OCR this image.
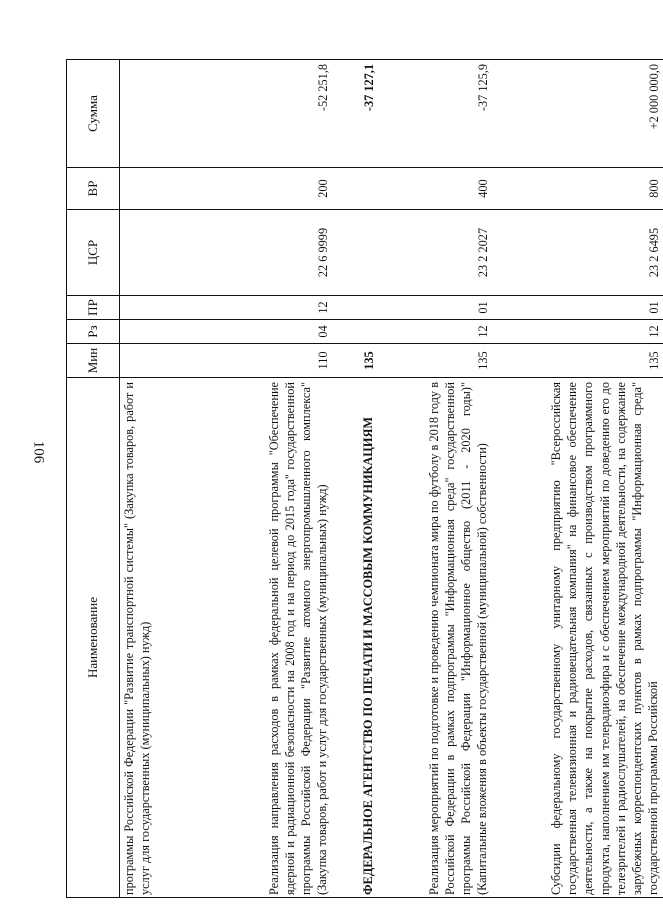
106
Наименование	Мин	Рз	ПР	ЦСР	ВР	Сумма
программы Российской Федерации "Развитие транспортной системы" (Закупка товаров, работ и услуг для государственных (муниципальных) нужд)						
Реализация направления расходов в рамках федеральной целевой программы "Обеспечение ядерной и радиационной безопасности на 2008 год и на период до 2015 года" государственной программы Российской Федерации "Развитие атомного энергопромышленного комплекса" (Закупка товаров, работ и услуг для государственных (муниципальных) нужд)	110	04	12	22 6 9999	200	-52 251,8
ФЕДЕРАЛЬНОЕ АГЕНТСТВО ПО ПЕЧАТИ И МАССОВЫМ КОММУНИКАЦИЯМ	135					-37 127,1
Реализация мероприятий по подготовке и проведению чемпионата мира по футболу в 2018 году в Российской Федерации в рамках подпрограммы "Информационная среда" государственной программы Российской Федерации "Информационное общество (2011 - 2020 годы)" (Капитальные вложения в объекты государственной (муниципальной) собственности)	135	12	01	23 2 2027	400	-37 125,9
Субсидии федеральному государственному унитарному предприятию "Всероссийская государственная телевизионная и радиовещательная компания" на финансовое обеспечение деятельности, а также на покрытие расходов, связанных с производством программного продукта, наполнением им телерадиоэфира и с обеспечением мероприятий по доведению его до телезрителей и радиослушателей, на обеспечение международной деятельности, на содержание зарубежных корреспондентских пунктов в рамках подпрограммы "Информационная среда" государственной программы Российской	135	12	01	23 2 6495	800	+2 000 000,0
